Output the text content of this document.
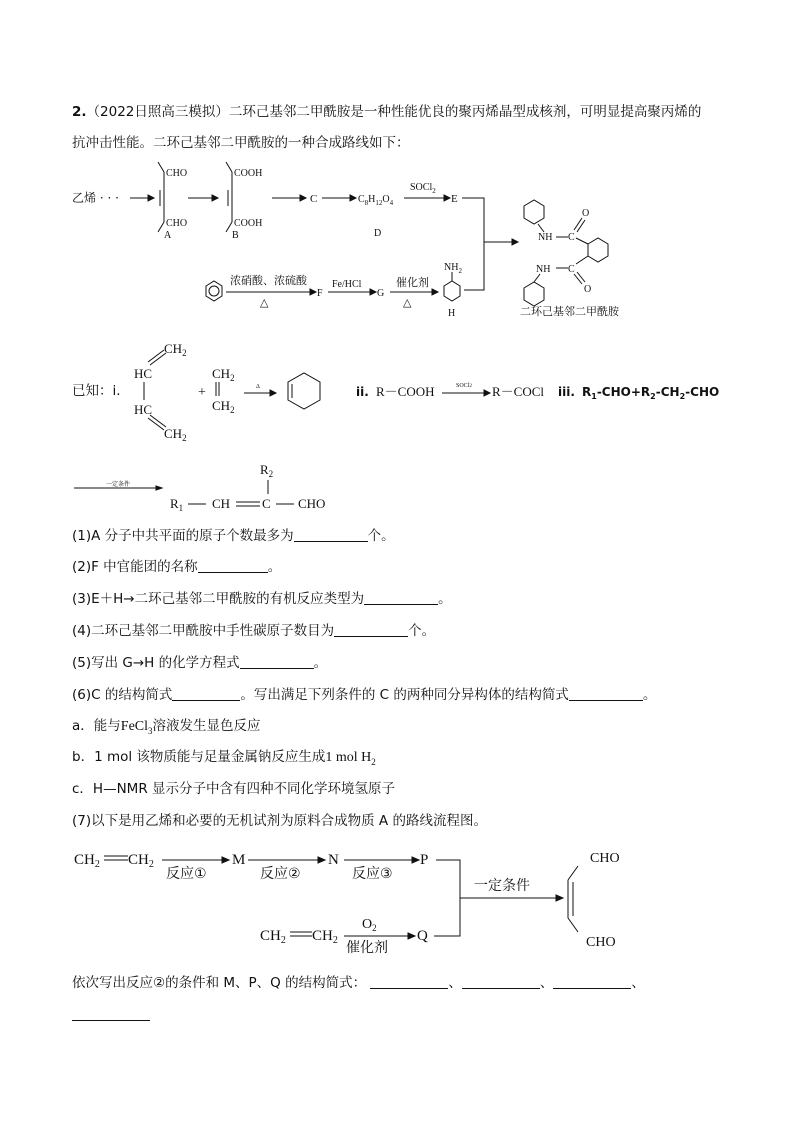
2.（2022日照高三模拟）二环己基邻二甲酰胺是一种性能优良的聚丙烯晶型成核剂，可明显提高聚丙烯的
抗冲击性能。二环己基邻二甲酰胺的一种合成路线如下：
乙烯 · · ·
CHO
CHO
A
COOH
COOH
B
C	$C_8H_{12}O_4$
D
SOCl$_2$
E
浓硝酸、浓硫酸
△
F
Fe/HCl
G
催化剂
△
$NH_2$
H
NH C
O
C
O
NH
二环己基邻二甲酰胺
已知：i.
$CH_2$
HC
HC
$CH_2$
+
$CH_2$
$CH_2$
Δ	ii. R－COOH	SOCl2 R－COCl iii. $R_1-CHO+R_2-CH_2$-CHO
一定条件
$R_2$
$R_1$ CH C CHO
(1)A 分子中共平面的原子个数最多为	个。
(2)F 中官能团的名称	。
(3)E＋H→二环己基邻二甲酰胺的有机反应类型为	。
(4)二环己基邻二甲酰胺中手性碳原子数目为	个。
(5)写出 G→H 的化学方程式	。
(6)C 的结构简式	。写出满足下列条件的 C 的两种同分异构体的结构简式	。
a．能与FeCl$_3$溶液发生显色反应
b．1 mol 该物质能与足量金属钠反应生成1 mol $H_2$
c．H—NMR 显示分子中含有四种不同化学环境氢原子
(7)以下是用乙烯和必要的无机试剂为原料合成物质 A 的路线流程图。
$CH_2$ $CH_2$
反应①
M
反应②
N
反应③
P
一定条件
$CH_2$ $CH_2$
$O_2$
催化剂
Q
CHO
CHO
依次写出反应②的条件和 M、P、Q 的结构简式：	、	、	、
